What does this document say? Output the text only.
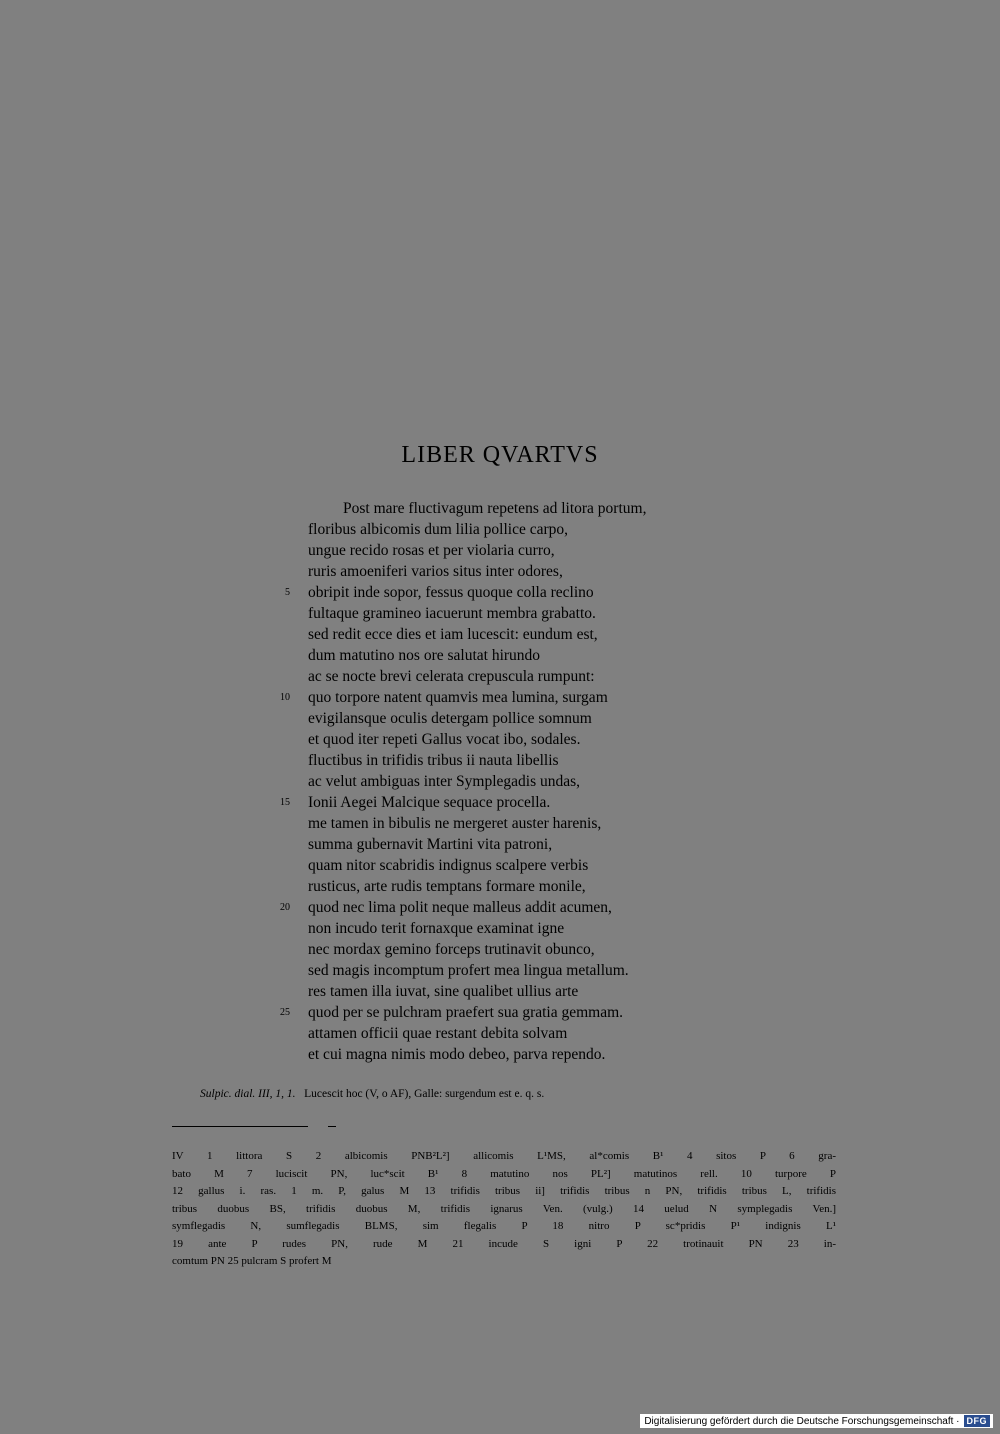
LIBER QVARTVS
Post mare fluctivagum repetens ad litora portum,
floribus albicomis dum lilia pollice carpo,
ungue recido rosas et per violaria curro,
ruris amoeniferi varios situs inter odores,
5 obripit inde sopor, fessus quoque colla reclino
fultaque gramineo iacuerunt membra grabatto.
sed redit ecce dies et iam lucescit: eundum est,
dum matutino nos ore salutat hirundo
ac se nocte brevi celerata crepuscula rumpunt:
10 quo torpore natent quamvis mea lumina, surgam
evigilansque oculis detergam pollice somnum
et quod iter repeti Gallus vocat ibo, sodales.
fluctibus in trifidis tribus ii nauta libellis
ac velut ambiguas inter Symplegadis undas,
15 Ionii Aegei Malcique sequace procella.
me tamen in bibulis ne mergeret auster harenis,
summa gubernavit Martini vita patroni,
quam nitor scabridis indignus scalpere verbis
rusticus, arte rudis temptans formare monile,
20 quod nec lima polit neque malleus addit acumen,
non incudo terit fornaxque examinat igne
nec mordax gemino forceps trutinavit obunco,
sed magis incomptum profert mea lingua metallum.
res tamen illa iuvat, sine qualibet ullius arte
25 quod per se pulchram praefert sua gratia gemmam.
attamen officii quae restant debita solvam
et cui magna nimis modo debeo, parva rependo.
Sulpic. dial. III, 1, 1. Lucescit hoc (V, o AF), Galle: surgendum est e. q. s.
IV 1 littora S 2 albicomis PNB²L²] allicomis L¹MS, al*comis B¹ 4 sitos P 6 gra-
bato M 7 luciscit PN, luc*scit B¹ 8 matutino nos PL²] matutinos rell. 10 turpore P
12 gallus i. ras. 1 m. P, galus M 13 trifidis tribus ii] trifidis tribus n PN, trifidis tribus L, trifidis
tribus duobus BS, trifidis duobus M, trifidis ignarus Ven. (vulg.) 14 uelud N symplegadis Ven.]
symflegadis N, sumflegadis BLMS, sim flegalis P 18 nitro P sc*pridis P¹ indignis L¹
19 ante P rudes PN, rude M 21 incude S igni P 22 trotinauit PN 23 in-
comtum PN 25 pulcram S profert M
Digitalisierung gefördert durch die Deutsche Forschungsgemeinschaft · DFG
